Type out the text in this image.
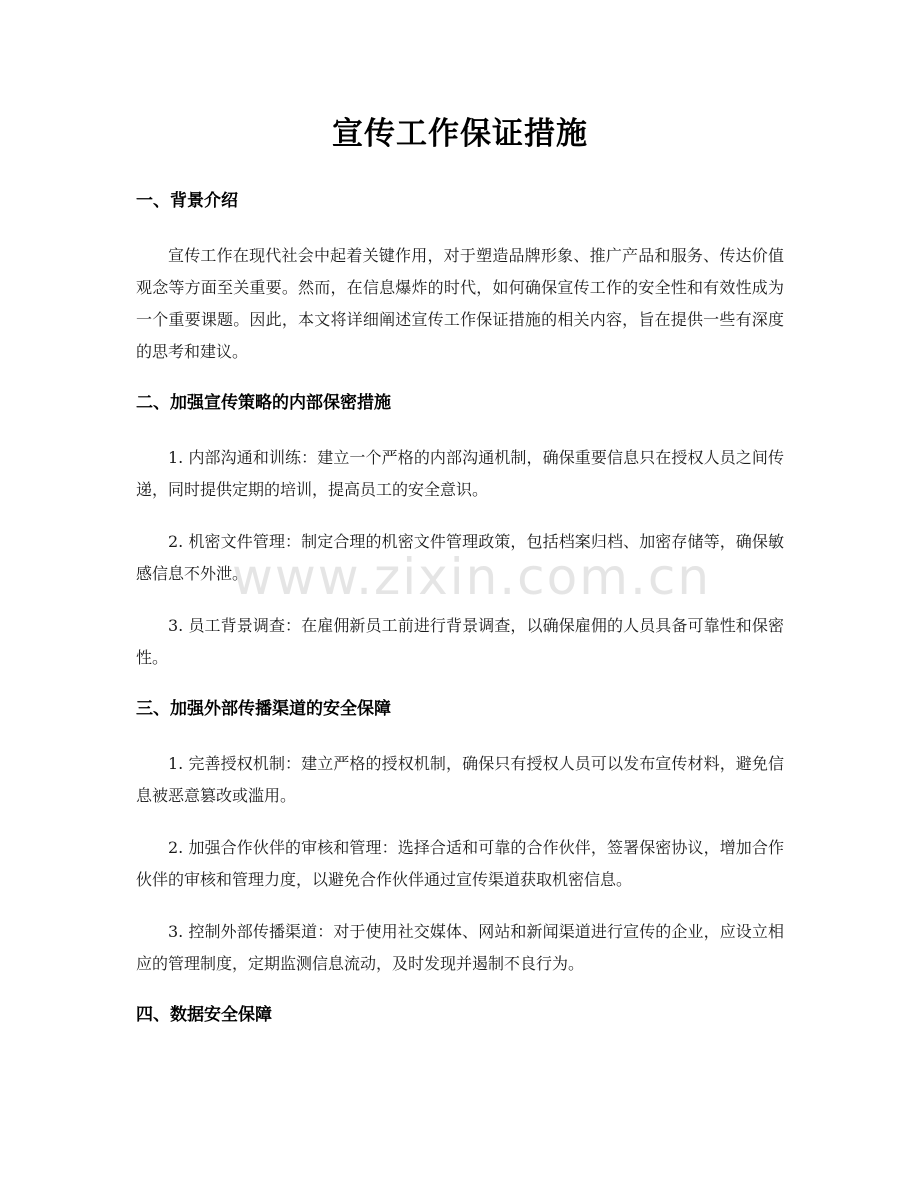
宣传工作保证措施
一、背景介绍

宣传工作在现代社会中起着关键作用，对于塑造品牌形象、推广产品和服务、传达价值观念等方面至关重要。然而，在信息爆炸的时代，如何确保宣传工作的安全性和有效性成为一个重要课题。因此，本文将详细阐述宣传工作保证措施的相关内容，旨在提供一些有深度的思考和建议。

二、加强宣传策略的内部保密措施

1. 内部沟通和训练：建立一个严格的内部沟通机制，确保重要信息只在授权人员之间传递，同时提供定期的培训，提高员工的安全意识。

2. 机密文件管理：制定合理的机密文件管理政策，包括档案归档、加密存储等，确保敏感信息不外泄。

3. 员工背景调查：在雇佣新员工前进行背景调查，以确保雇佣的人员具备可靠性和保密性。

三、加强外部传播渠道的安全保障

1. 完善授权机制：建立严格的授权机制，确保只有授权人员可以发布宣传材料，避免信息被恶意篡改或滥用。

2. 加强合作伙伴的审核和管理：选择合适和可靠的合作伙伴，签署保密协议，增加合作伙伴的审核和管理力度，以避免合作伙伴通过宣传渠道获取机密信息。

3. 控制外部传播渠道：对于使用社交媒体、网站和新闻渠道进行宣传的企业，应设立相应的管理制度，定期监测信息流动，及时发现并遏制不良行为。

四、数据安全保障
www.zixin.com.cn
